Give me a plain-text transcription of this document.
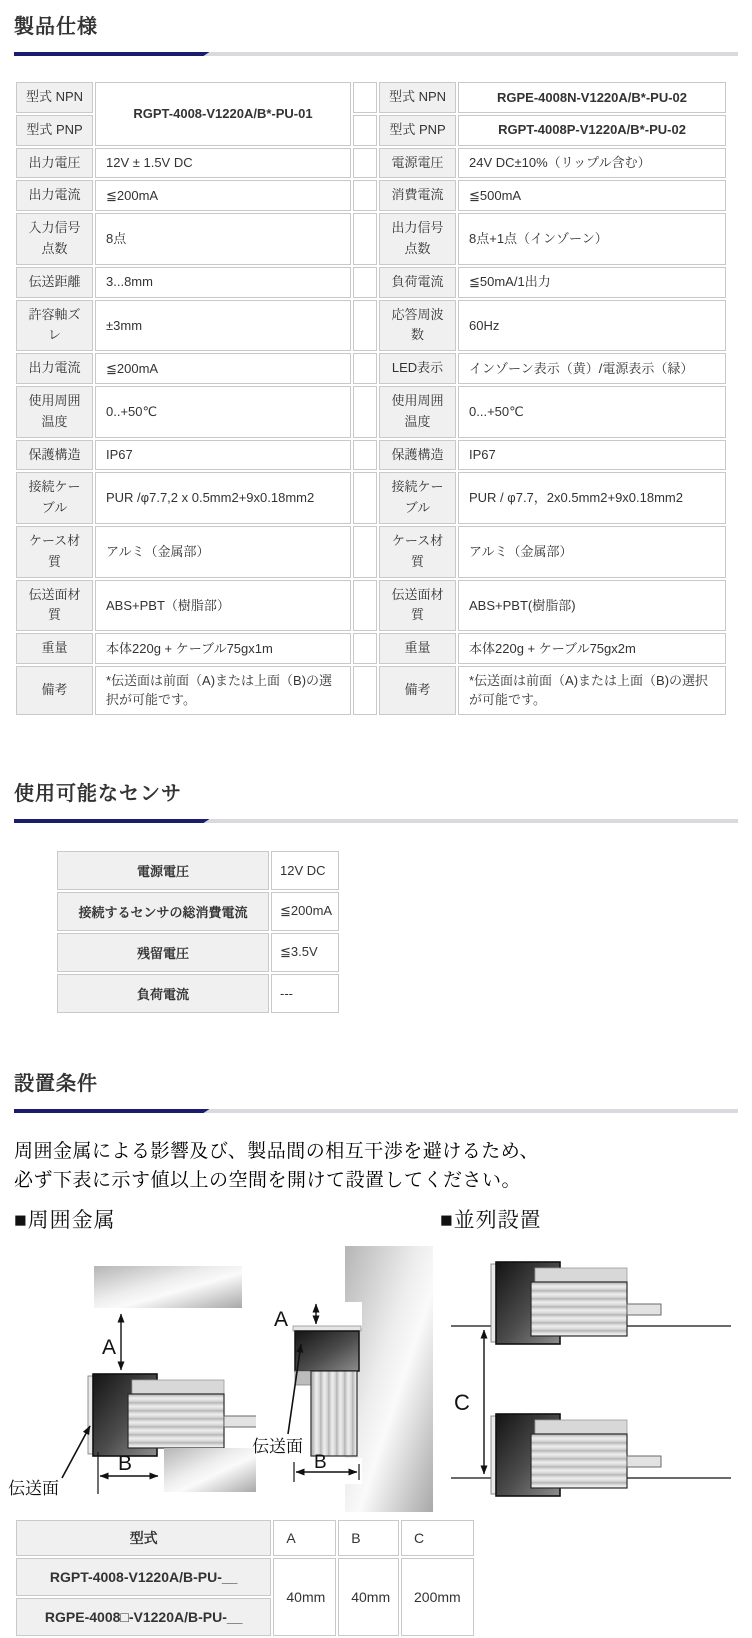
製品仕様
型式 NPN	RGPT-4008-V1220A/B*-PU-01		型式 NPN	RGPE-4008N-V1220A/B*-PU-02
型式 PNP			型式 PNP	RGPT-4008P-V1220A/B*-PU-02
出力電圧	12V ± 1.5V DC		電源電圧	24V DC±10%（リップル含む）
出力電流	≦200mA		消費電流	≦500mA
入力信号点数	8点		出力信号点数	8点+1点（インゾーン）
伝送距離	3...8mm		負荷電流	≦50mA/1出力
許容軸ズレ	±3mm		応答周波数	60Hz
出力電流	≦200mA		LED表示	インゾーン表示（黄）/電源表示（緑）
使用周囲温度	0..+50℃		使用周囲温度	0...+50℃
保護構造	IP67		保護構造	IP67
接続ケーブル	PUR /φ7.7,2 x 0.5mm2+9x0.18mm2		接続ケーブル	PUR / φ7.7，2x0.5mm2+9x0.18mm2
ケース材質	アルミ（金属部）		ケース材質	アルミ（金属部）
伝送面材質	ABS+PBT（樹脂部）		伝送面材質	ABS+PBT(樹脂部)
重量	本体220g + ケーブル75gx1m		重量	本体220g + ケーブル75gx2m
備考	*伝送面は前面（A)または上面（B)の選択が可能です。		備考	*伝送面は前面（A)または上面（B)の選択が可能です。
使用可能なセンサ
電源電圧	12V DC
接続するセンサの総消費電流	≦200mA
残留電圧	≦3.5V
負荷電流	---
設置条件

周囲金属による影響及び、製品間の相互干渉を避けるため、
必ず下表に示す値以上の空間を開けて設置してください。

■周囲金属	■並列設置
A
B
伝送面
A
B
伝送面
C
型式	A	B	C
RGPT-4008-V1220A/B-PU-__	40mm	40mm	200mm
RGPE-4008□-V1220A/B-PU-__			
